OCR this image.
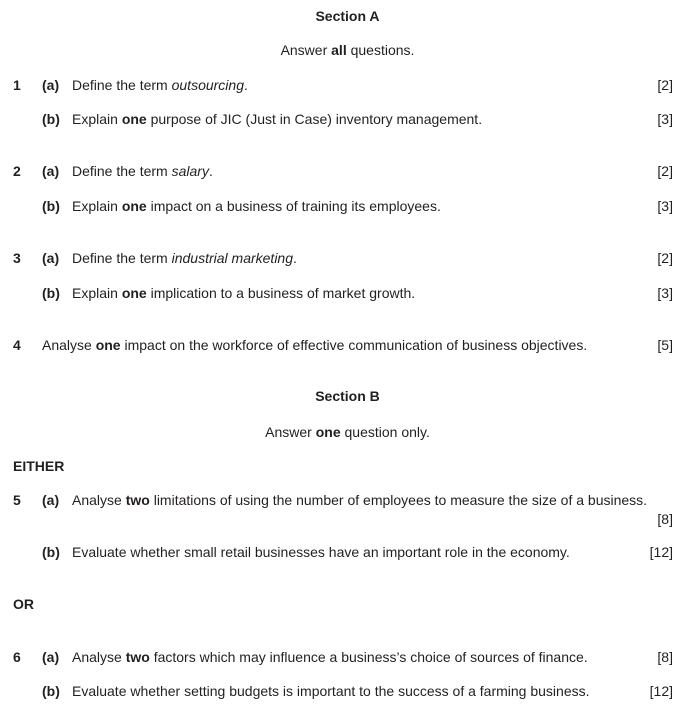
Section A
Answer all questions.
1 (a) Define the term outsourcing.	[2]
(b) Explain one purpose of JIC (Just in Case) inventory management.	[3]
2 (a) Define the term salary.	[2]
(b) Explain one impact on a business of training its employees.	[3]
3 (a) Define the term industrial marketing.	[2]
(b) Explain one implication to a business of market growth.	[3]
4 Analyse one impact on the workforce of effective communication of business objectives.	[5]
Section B
Answer one question only.
EITHER
5 (a) Analyse two limitations of using the number of employees to measure the size of a business.
[8]
(b) Evaluate whether small retail businesses have an important role in the economy.	[12]
OR
6 (a) Analyse two factors which may influence a business’s choice of sources of finance.	[8]
(b) Evaluate whether setting budgets is important to the success of a farming business.	[12]
